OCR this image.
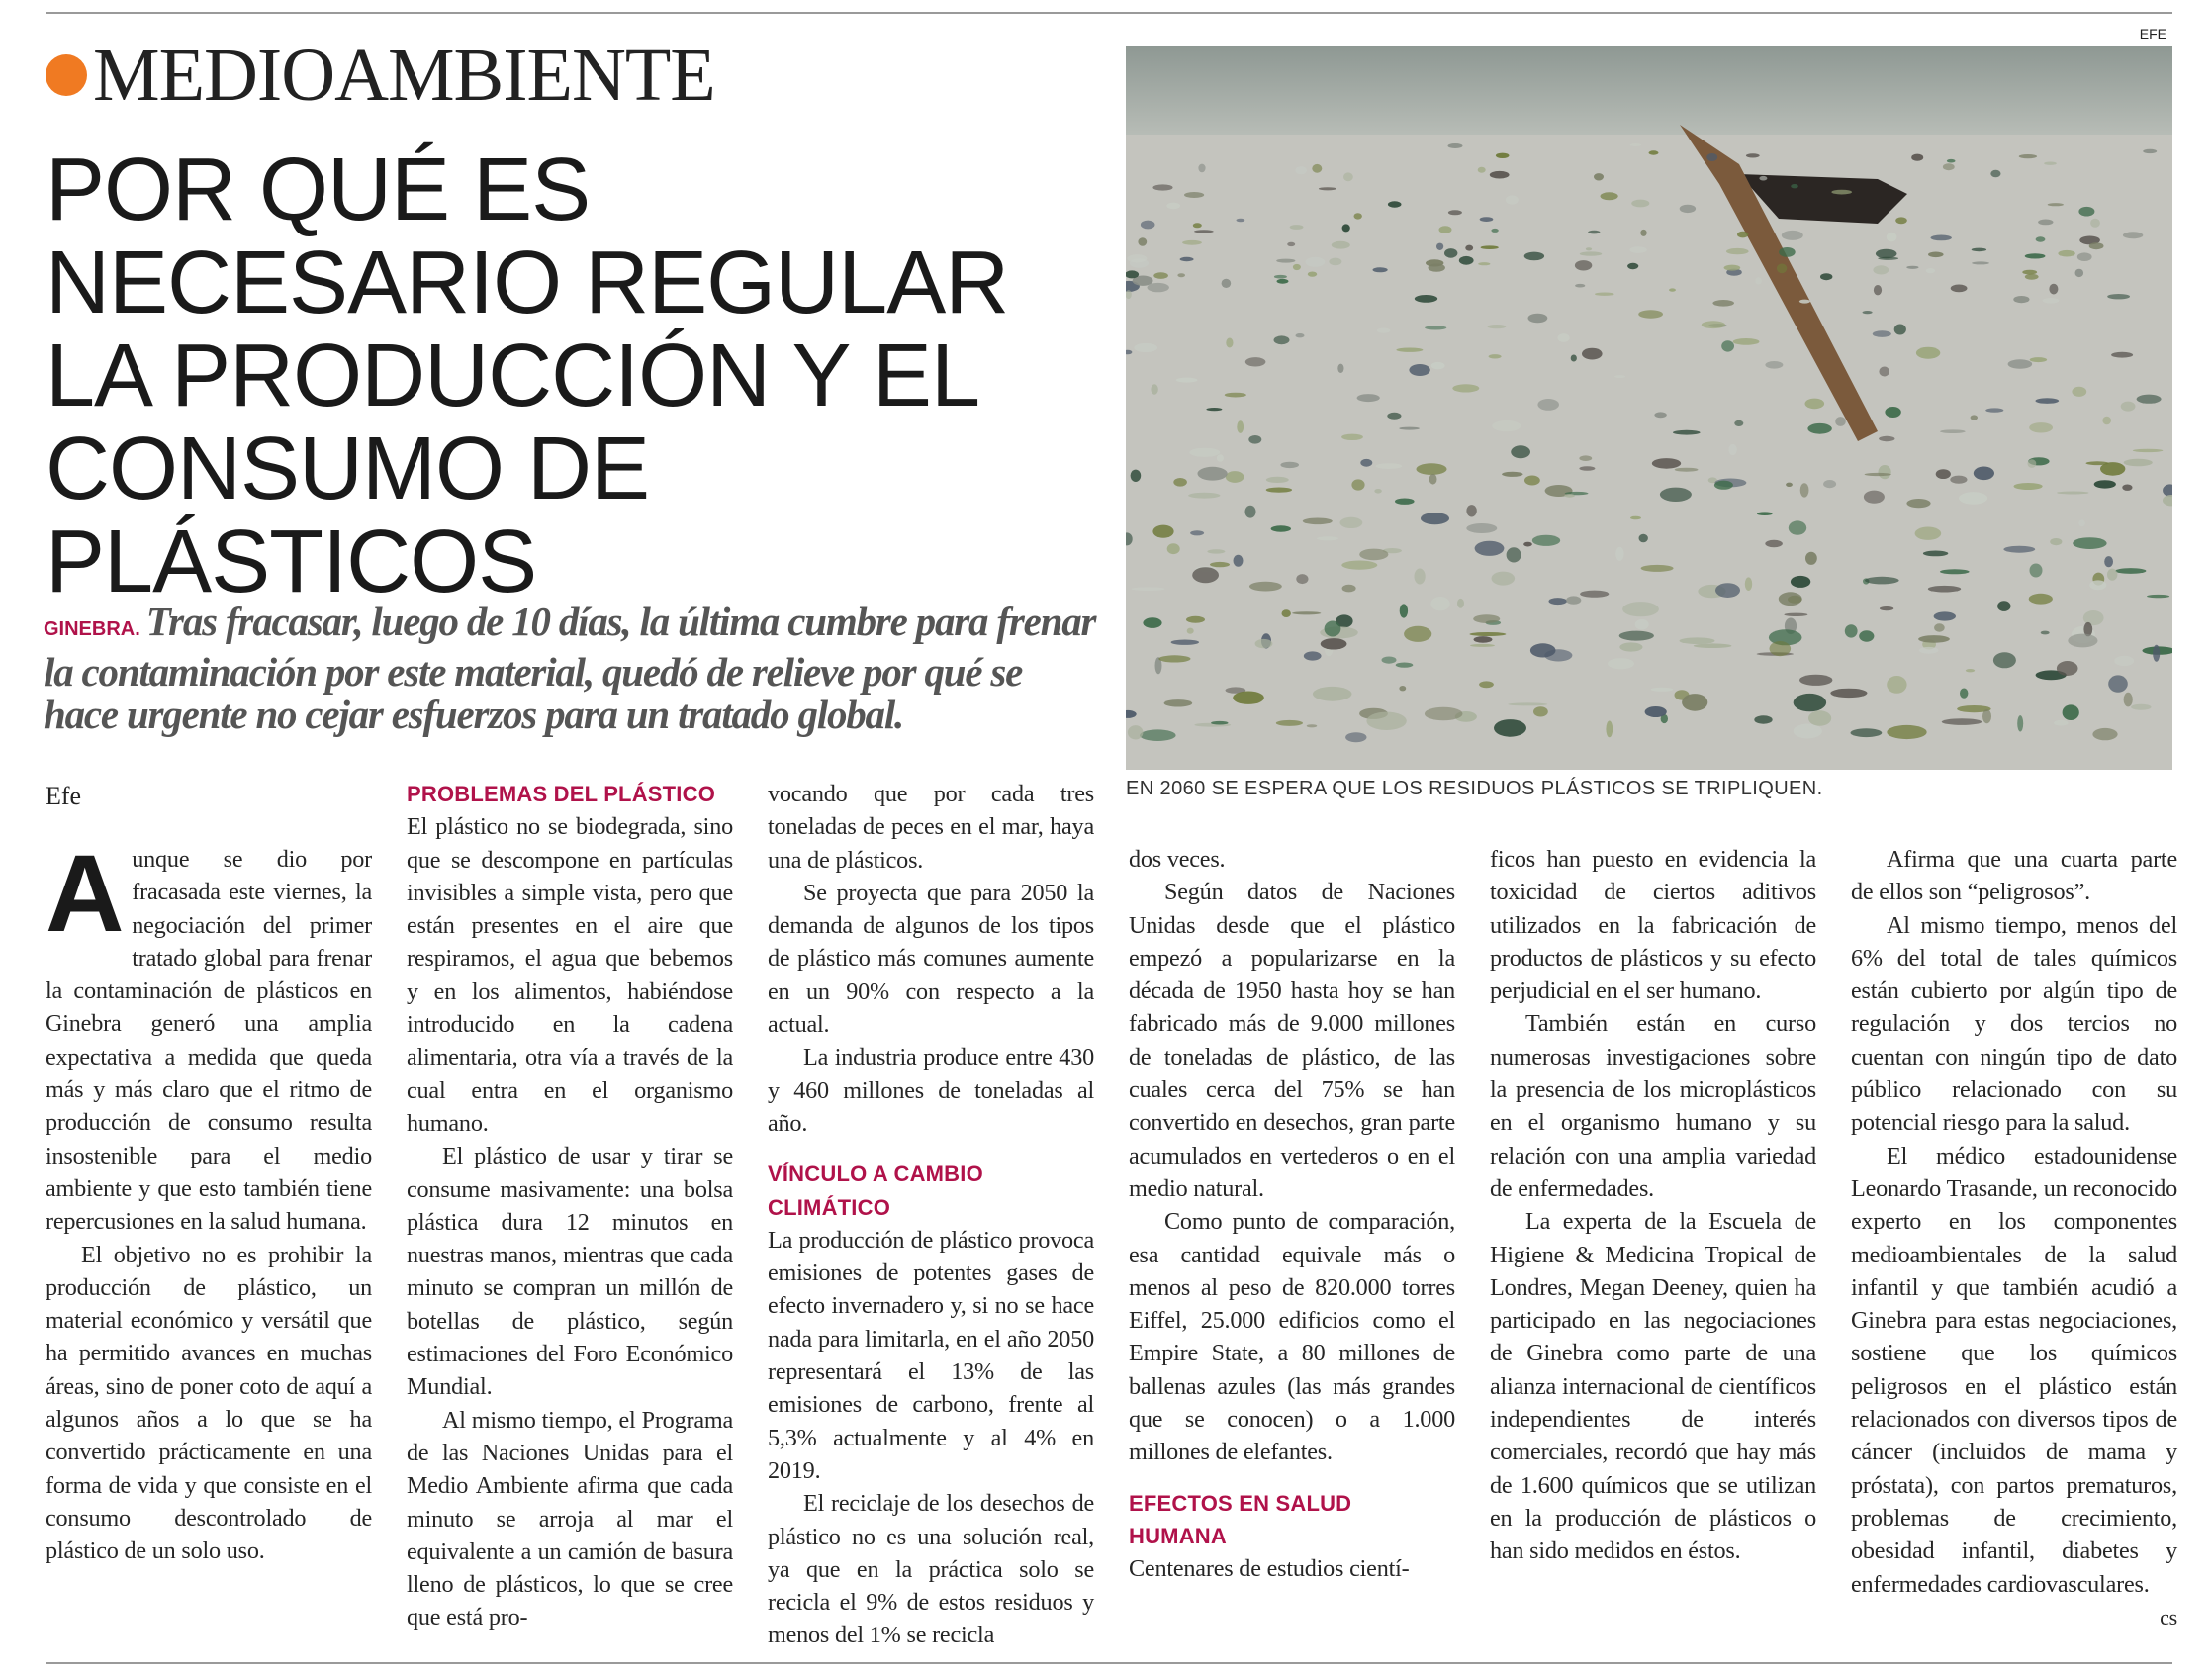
MEDIOAMBIENTE
POR QUÉ ES NECESARIO REGULAR LA PRODUCCIÓN Y EL CONSUMO DE PLÁSTICOS

GINEBRA. Tras fracasar, luego de 10 días, la última cumbre para frenar la contaminación por este material, quedó de relieve por qué se hace urgente no cejar esfuerzos para un tratado global.

EFE
EN 2060 SE ESPERA QUE LOS RESIDUOS PLÁSTICOS SE TRIPLIQUEN.
Efe

Aunque se dio por fracasada este viernes, la negociación del primer tratado global para frenar la contaminación de plásticos en Ginebra generó una amplia expectativa a medida que queda más y más claro que el ritmo de producción de consumo resulta insostenible para el medio ambiente y que esto también tiene repercusiones en la salud humana.

El objetivo no es prohibir la producción de plástico, un material económico y versátil que ha permitido avances en muchas áreas, sino de poner coto de aquí a algunos años a lo que se ha convertido prácticamente en una forma de vida y que consiste en el consumo descontrolado de plástico de un solo uso.

PROBLEMAS DEL PLÁSTICO

El plástico no se biodegrada, sino que se descompone en partículas invisibles a simple vista, pero que están presentes en el aire que respiramos, el agua que bebemos y en los alimentos, habiéndose introducido en la cadena alimentaria, otra vía a través de la cual entra en el organismo humano.

El plástico de usar y tirar se consume masivamente: una bolsa plástica dura 12 minutos en nuestras manos, mientras que cada minuto se compran un millón de botellas de plástico, según estimaciones del Foro Económico Mundial.

Al mismo tiempo, el Programa de las Naciones Unidas para el Medio Ambiente afirma que cada minuto se arroja al mar el equivalente a un camión de basura lleno de plásticos, lo que se cree que está pro-

vocando que por cada tres toneladas de peces en el mar, haya una de plásticos.

Se proyecta que para 2050 la demanda de algunos de los tipos de plástico más comunes aumente en un 90% con respecto a la actual.

La industria produce entre 430 y 460 millones de toneladas al año.

VÍNCULO A CAMBIO CLIMÁTICO

La producción de plástico provoca emisiones de potentes gases de efecto invernadero y, si no se hace nada para limitarla, en el año 2050 representará el 13% de las emisiones de carbono, frente al 5,3% actualmente y al 4% en 2019.

El reciclaje de los desechos de plástico no es una solución real, ya que en la práctica solo se recicla el 9% de estos residuos y menos del 1% se recicla

dos veces.

Según datos de Naciones Unidas desde que el plástico empezó a popularizarse en la década de 1950 hasta hoy se han fabricado más de 9.000 millones de toneladas de plástico, de las cuales cerca del 75% se han convertido en desechos, gran parte acumulados en vertederos o en el medio natural.

Como punto de comparación, esa cantidad equivale más o menos al peso de 820.000 torres Eiffel, 25.000 edificios como el Empire State, a 80 millones de ballenas azules (las más grandes que se conocen) o a 1.000 millones de elefantes.

EFECTOS EN SALUD HUMANA

Centenares de estudios cientí-

ficos han puesto en evidencia la toxicidad de ciertos aditivos utilizados en la fabricación de productos de plásticos y su efecto perjudicial en el ser humano.

También están en curso numerosas investigaciones sobre la presencia de los microplásticos en el organismo humano y su relación con una amplia variedad de enfermedades.

La experta de la Escuela de Higiene & Medicina Tropical de Londres, Megan Deeney, quien ha participado en las negociaciones de Ginebra como parte de una alianza internacional de científicos independientes de interés comerciales, recordó que hay más de 1.600 químicos que se utilizan en la producción de plásticos o han sido medidos en éstos.

Afirma que una cuarta parte de ellos son “peligrosos”.

Al mismo tiempo, menos del 6% del total de tales químicos están cubierto por algún tipo de regulación y dos tercios no cuentan con ningún tipo de dato público relacionado con su potencial riesgo para la salud.

El médico estadounidense Leonardo Trasande, un reconocido experto en los componentes medioambientales de la salud infantil y que también acudió a Ginebra para estas negociaciones, sostiene que los químicos peligrosos en el plástico están relacionados con diversos tipos de cáncer (incluidos de mama y próstata), con partos prematuros, problemas de crecimiento, obesidad infantil, diabetes y enfermedades cardiovasculares.
cs
